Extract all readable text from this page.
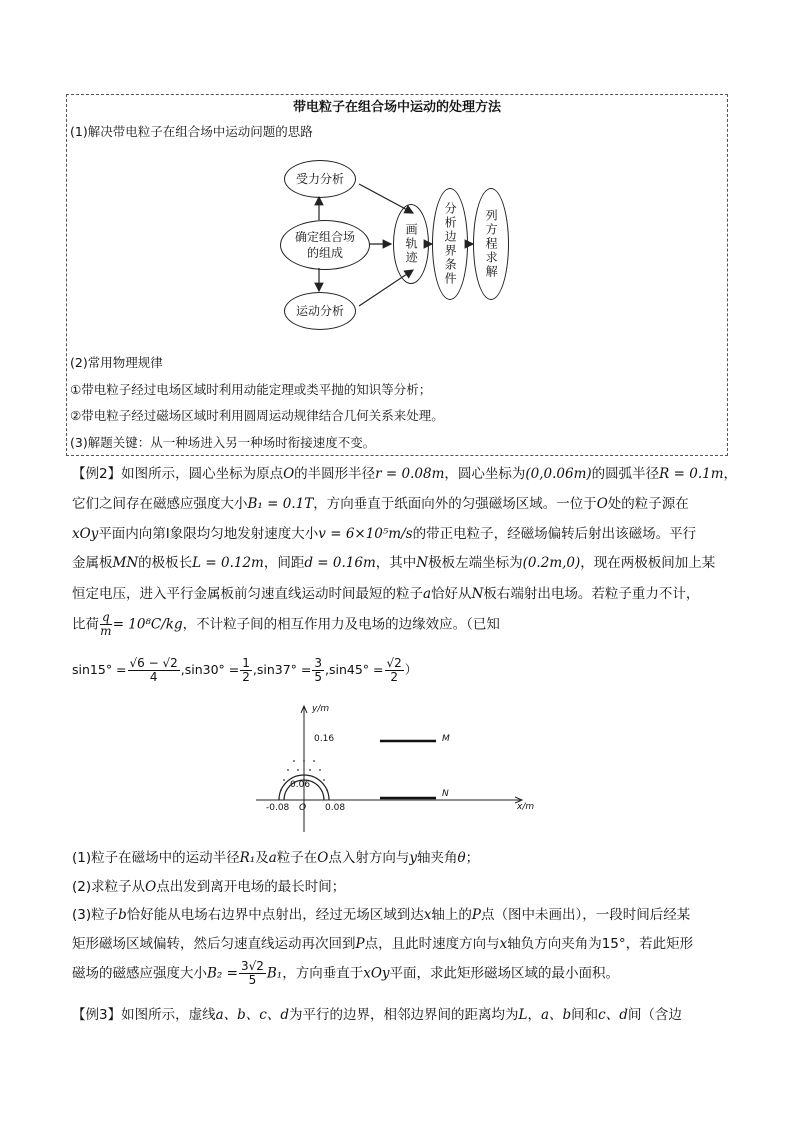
带电粒子在组合场中运动的处理方法
(1)解决带电粒子在组合场中运动问题的思路
受力分析
确定组合场的组成
运动分析
画轨迹 分析边界条件 列方程求解
(2)常用物理规律
①带电粒子经过电场区域时利用动能定理或类平抛的知识等分析；
②带电粒子经过磁场区域时利用圆周运动规律结合几何关系来处理。
(3)解题关键：从一种场进入另一种场时衔接速度不变。
【例2】如图所示，圆心坐标为原点O的半圆形半径r = 0.08m，圆心坐标为(0,0.06m)的圆弧半径R = 0.1m，
它们之间存在磁感应强度大小B₁ = 0.1T，方向垂直于纸面向外的匀强磁场区域。一位于O处的粒子源在
xOy平面内向第Ⅰ象限均匀地发射速度大小v = 6×10⁵m/s的带正电粒子，经磁场偏转后射出该磁场。平行
金属板MN的极板长L = 0.12m，间距d = 0.16m，其中N极板左端坐标为(0.2m,0)，现在两极板间加上某
恒定电压，进入平行金属板前匀速直线运动时间最短的粒子a恰好从N板右端射出电场。若粒子重力不计，
比荷 $\frac{q}{m} = 10^8C/kg$，不计粒子间的相互作用力及电场的边缘效应。（已知
$\sin 15^\circ = \frac{√6 - √2}{4} ,\sin 30^\circ = \frac{1}{2} ,\sin 37^\circ = \frac{3}{5} ,\sin 45^\circ = \frac{√2}{2}$ ）
y/m
x/m
0.16
0.06
-0.08 O 0.08
M
N
(1)粒子在磁场中的运动半径R₁及a粒子在O点入射方向与y轴夹角θ；
(2)求粒子从O点出发到离开电场的最长时间；
(3)粒子b恰好能从电场右边界中点射出，经过无场区域到达x轴上的P点（图中未画出），一段时间后经某
矩形磁场区域偏转，然后匀速直线运动再次回到P点，且此时速度方向与x轴负方向夹角为15°，若此矩形
磁场的磁感应强度大小$B_2 = \frac{3√2}{5} B_1$，方向垂直于xOy平面，求此矩形磁场区域的最小面积。
【例3】如图所示，虚线a、b、c、d为平行的边界，相邻边界间的距离均为L，a、b间和c、d间（含边
